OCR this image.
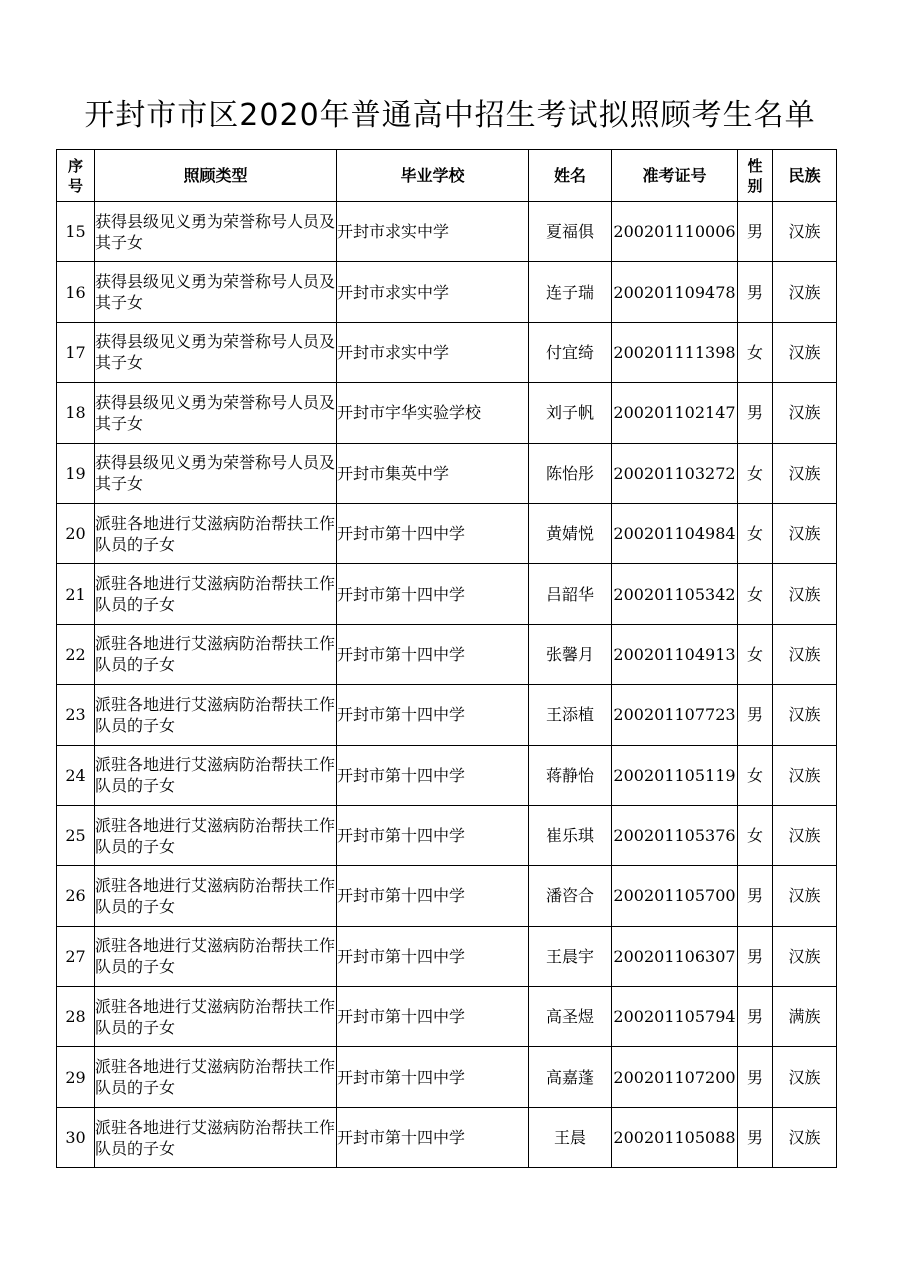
开封市市区2020年普通高中招生考试拟照顾考生名单
序号	照顾类型	毕业学校	姓名	准考证号	性别	民族
15	获得县级见义勇为荣誉称号人员及其子女	开封市求实中学	夏福俱	200201110006	男	汉族
16	获得县级见义勇为荣誉称号人员及其子女	开封市求实中学	连子瑞	200201109478	男	汉族
17	获得县级见义勇为荣誉称号人员及其子女	开封市求实中学	付宜绮	200201111398	女	汉族
18	获得县级见义勇为荣誉称号人员及其子女	开封市宇华实验学校	刘子帆	200201102147	男	汉族
19	获得县级见义勇为荣誉称号人员及其子女	开封市集英中学	陈怡彤	200201103272	女	汉族
20	派驻各地进行艾滋病防治帮扶工作队员的子女	开封市第十四中学	黄婧悦	200201104984	女	汉族
21	派驻各地进行艾滋病防治帮扶工作队员的子女	开封市第十四中学	吕韶华	200201105342	女	汉族
22	派驻各地进行艾滋病防治帮扶工作队员的子女	开封市第十四中学	张馨月	200201104913	女	汉族
23	派驻各地进行艾滋病防治帮扶工作队员的子女	开封市第十四中学	王添植	200201107723	男	汉族
24	派驻各地进行艾滋病防治帮扶工作队员的子女	开封市第十四中学	蒋静怡	200201105119	女	汉族
25	派驻各地进行艾滋病防治帮扶工作队员的子女	开封市第十四中学	崔乐琪	200201105376	女	汉族
26	派驻各地进行艾滋病防治帮扶工作队员的子女	开封市第十四中学	潘咨合	200201105700	男	汉族
27	派驻各地进行艾滋病防治帮扶工作队员的子女	开封市第十四中学	王晨宇	200201106307	男	汉族
28	派驻各地进行艾滋病防治帮扶工作队员的子女	开封市第十四中学	高圣煜	200201105794	男	满族
29	派驻各地进行艾滋病防治帮扶工作队员的子女	开封市第十四中学	高嘉蓬	200201107200	男	汉族
30	派驻各地进行艾滋病防治帮扶工作队员的子女	开封市第十四中学	王晨	200201105088	男	汉族
